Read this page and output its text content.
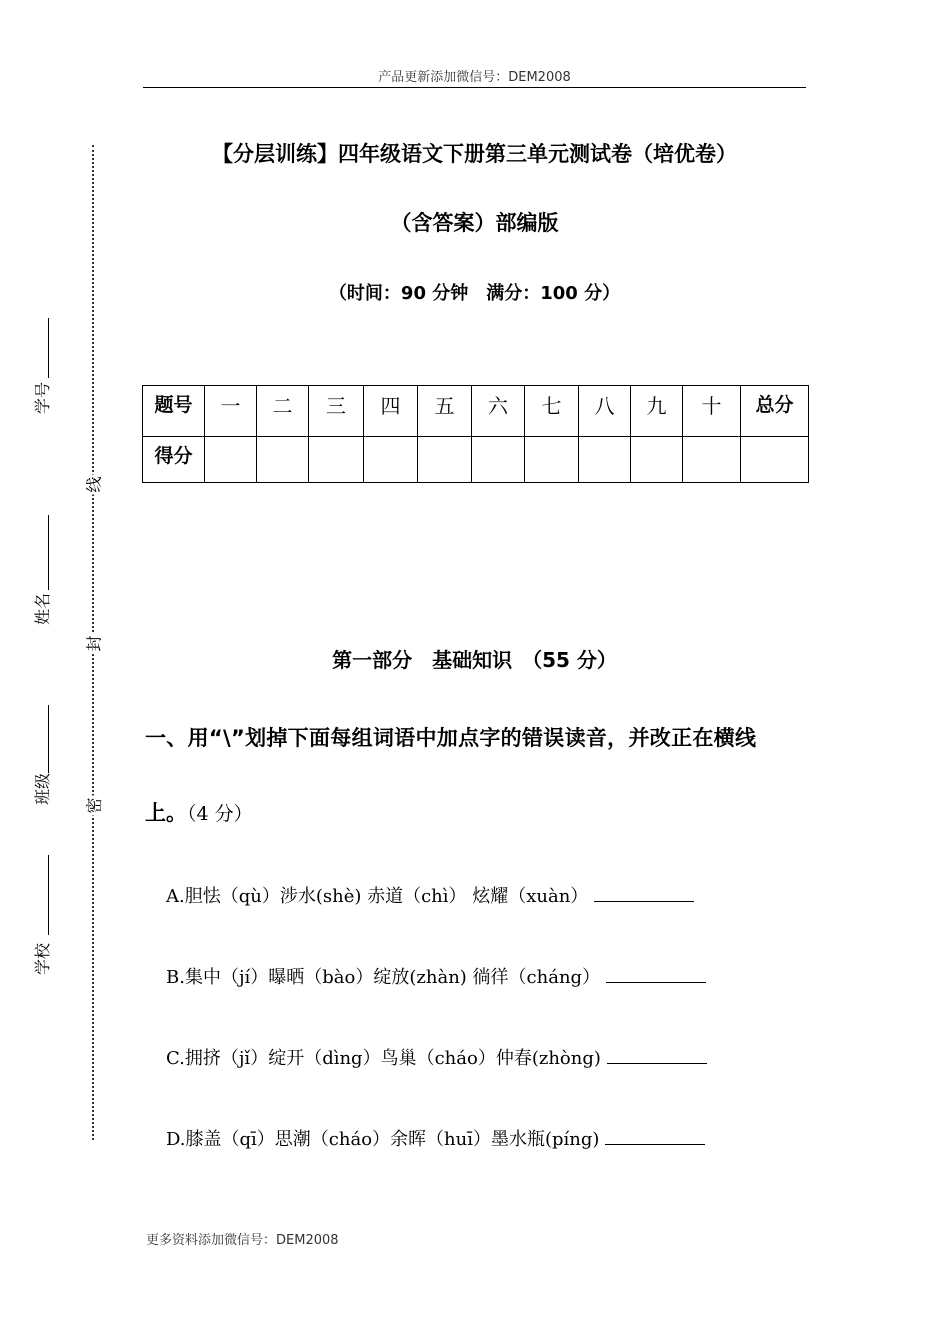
产品更新添加微信号：DEM2008
学号
姓名
班级
学校
线
封
密
【分层训练】四年级语文下册第三单元测试卷（培优卷）
（含答案）部编版
（时间：90 分钟　满分：100 分）
题号	一	二	三	四	五	六	七	八	九	十	总分
得分											
第一部分　基础知识　（55 分）
一、用“\”划掉下面每组词语中加点字的错误读音，并改正在横线
上。（4 分）
A.胆怯（qù）涉水(shè) 赤道（chì） 炫耀（xuàn）
B.集中（jí）曝晒（bào）绽放(zhàn) 徜徉（cháng）
C.拥挤（jǐ）绽开（dìng）鸟巢（cháo）仲春(zhòng)
D.膝盖（qī）思潮（cháo）余晖（huī）墨水瓶(píng)
更多资料添加微信号：DEM2008
